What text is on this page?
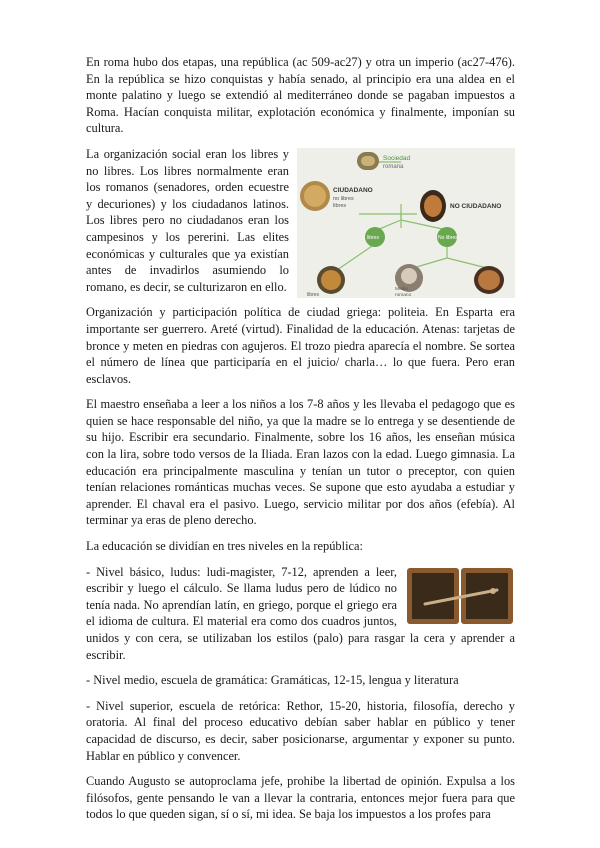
En roma hubo dos etapas, una república (ac 509-ac27) y otra un imperio (ac27-476). En la república se hizo conquistas y había senado, al principio era una aldea en el monte palatino y luego se extendió al mediterráneo donde se pagaban impuestos a Roma. Hacían conquista militar, explotación económica y finalmente, imponían su cultura.

Sociedad
romana
CIUDADANO
no libres
libres	NO CIUDADANO
libres	No libres
libres
Medio
romano

La organización social eran los libres y no libres. Los libres normalmente eran los romanos (senadores, orden ecuestre y decuriones) y los ciudadanos latinos. Los libres pero no ciudadanos eran los campesinos y los pererini. Las elites económicas y culturales que ya existían antes de invadirlos asumiendo lo romano, es decir, se culturizaron en ello.

Organización y participación política de ciudad griega: politeia. En Esparta era importante ser guerrero. Areté (virtud). Finalidad de la educación. Atenas: tarjetas de bronce y meten en piedras con agujeros. El trozo piedra aparecía el nombre. Se sortea el número de línea que participaría en el juicio/ charla… lo que fuera. Pero eran esclavos.

El maestro enseñaba a leer a los niños a los 7-8 años y les llevaba el pedagogo que es quien se hace responsable del niño, ya que la madre se lo entrega y se desentiende de su hijo. Escribir era secundario. Finalmente, sobre los 16 años, les enseñan música con la lira, sobre todo versos de la Iliada. Eran lazos con la edad. Luego gimnasia. La educación era principalmente masculina y tenían un tutor o preceptor, con quien tenían relaciones románticas muchas veces. Se supone que esto ayudaba a estudiar y aprender. El chaval era el pasivo. Luego, servicio militar por dos años (efebía). Al terminar ya eras de pleno derecho.

La educación se dividían en tres niveles en la república:

- Nivel básico, ludus: ludi-magister, 7-12, aprenden a leer, escribir y luego el cálculo. Se llama ludus pero de lúdico no tenía nada. No aprendían latín, en griego, porque el griego era el idioma de cultura. El material era como dos cuadros juntos, unidos y con cera, se utilizaban los estilos (palo) para rasgar la cera y aprender a escribir.

- Nivel medio, escuela de gramática: Gramáticas, 12-15, lengua y literatura

- Nivel superior, escuela de retórica: Rethor, 15-20, historia, filosofía, derecho y oratoria. Al final del proceso educativo debían saber hablar en público y tener capacidad de discurso, es decir, saber posicionarse, argumentar y exponer su punto. Hablar en público y convencer.

Cuando Augusto se autoproclama jefe, prohibe la libertad de opinión. Expulsa a los filósofos, gente pensando le van a llevar la contraria, entonces mejor fuera para que todos lo que queden sigan, sí o sí, mi idea. Se baja los impuestos a los profes para
